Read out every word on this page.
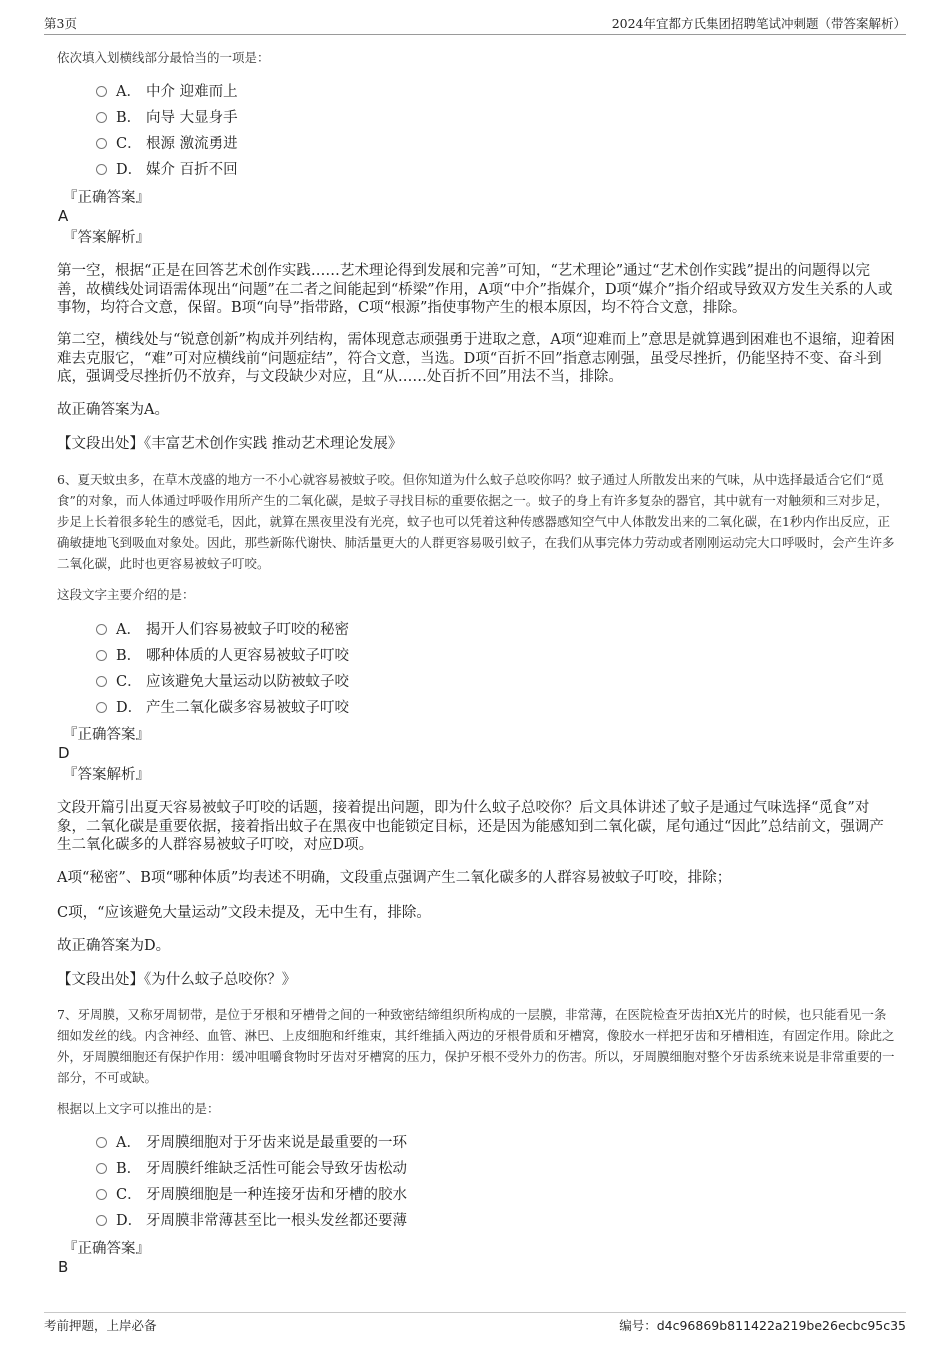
第3页	2024年宜都方氏集团招聘笔试冲刺题（带答案解析）
依次填入划横线部分最恰当的一项是：
A． 中介 迎难而上
B． 向导 大显身手
C． 根源 激流勇进
D． 媒介 百折不回
『正确答案』
A
『答案解析』
第一空，根据“正是在回答艺术创作实践……艺术理论得到发展和完善”可知，“艺术理论”通过“艺术创作实践”提出的问题得以完善，故横线处词语需体现出“问题”在二者之间能起到“桥梁”作用，A项“中介”指媒介，D项“媒介”指介绍或导致双方发生关系的人或事物，均符合文意，保留。B项“向导”指带路，C项“根源”指使事物产生的根本原因，均不符合文意，排除。
第二空，横线处与“锐意创新”构成并列结构，需体现意志顽强勇于进取之意，A项“迎难而上”意思是就算遇到困难也不退缩，迎着困难去克服它，“难”可对应横线前“问题症结”，符合文意，当选。D项“百折不回”指意志刚强，虽受尽挫折，仍能坚持不变、奋斗到底，强调受尽挫折仍不放弃，与文段缺少对应，且“从……处百折不回”用法不当，排除。
故正确答案为A。
【文段出处】《丰富艺术创作实践 推动艺术理论发展》
6、夏天蚊虫多，在草木茂盛的地方一不小心就容易被蚊子咬。但你知道为什么蚊子总咬你吗？蚊子通过人所散发出来的气味，从中选择最适合它们“觅食”的对象，而人体通过呼吸作用所产生的二氧化碳，是蚊子寻找目标的重要依据之一。蚊子的身上有许多复杂的器官，其中就有一对触须和三对步足，步足上长着很多轮生的感觉毛，因此，就算在黑夜里没有光亮，蚊子也可以凭着这种传感器感知空气中人体散发出来的二氧化碳，在1秒内作出反应，正确敏捷地飞到吸血对象处。因此，那些新陈代谢快、肺活量更大的人群更容易吸引蚊子，在我们从事完体力劳动或者刚刚运动完大口呼吸时，会产生许多二氧化碳，此时也更容易被蚊子叮咬。
这段文字主要介绍的是：
A． 揭开人们容易被蚊子叮咬的秘密
B． 哪种体质的人更容易被蚊子叮咬
C． 应该避免大量运动以防被蚊子咬
D． 产生二氧化碳多容易被蚊子叮咬
『正确答案』
D
『答案解析』
文段开篇引出夏天容易被蚊子叮咬的话题，接着提出问题，即为什么蚊子总咬你？后文具体讲述了蚊子是通过气味选择“觅食”对象，二氧化碳是重要依据，接着指出蚊子在黑夜中也能锁定目标，还是因为能感知到二氧化碳，尾句通过“因此”总结前文，强调产生二氧化碳多的人群容易被蚊子叮咬，对应D项。
A项“秘密”、B项“哪种体质”均表述不明确，文段重点强调产生二氧化碳多的人群容易被蚊子叮咬，排除；
C项，“应该避免大量运动”文段未提及，无中生有，排除。
故正确答案为D。
【文段出处】《为什么蚊子总咬你？》
7、牙周膜，又称牙周韧带，是位于牙根和牙槽骨之间的一种致密结缔组织所构成的一层膜，非常薄，在医院检查牙齿拍X光片的时候，也只能看见一条细如发丝的线。内含神经、血管、淋巴、上皮细胞和纤维束，其纤维插入两边的牙根骨质和牙槽窝，像胶水一样把牙齿和牙槽相连，有固定作用。除此之外，牙周膜细胞还有保护作用：缓冲咀嚼食物时牙齿对牙槽窝的压力，保护牙根不受外力的伤害。所以，牙周膜细胞对整个牙齿系统来说是非常重要的一部分，不可或缺。
根据以上文字可以推出的是：
A． 牙周膜细胞对于牙齿来说是最重要的一环
B． 牙周膜纤维缺乏活性可能会导致牙齿松动
C． 牙周膜细胞是一种连接牙齿和牙槽的胶水
D． 牙周膜非常薄甚至比一根头发丝都还要薄
『正确答案』
B
考前押题，上岸必备	编号：d4c96869b811422a219be26ecbc95c35
